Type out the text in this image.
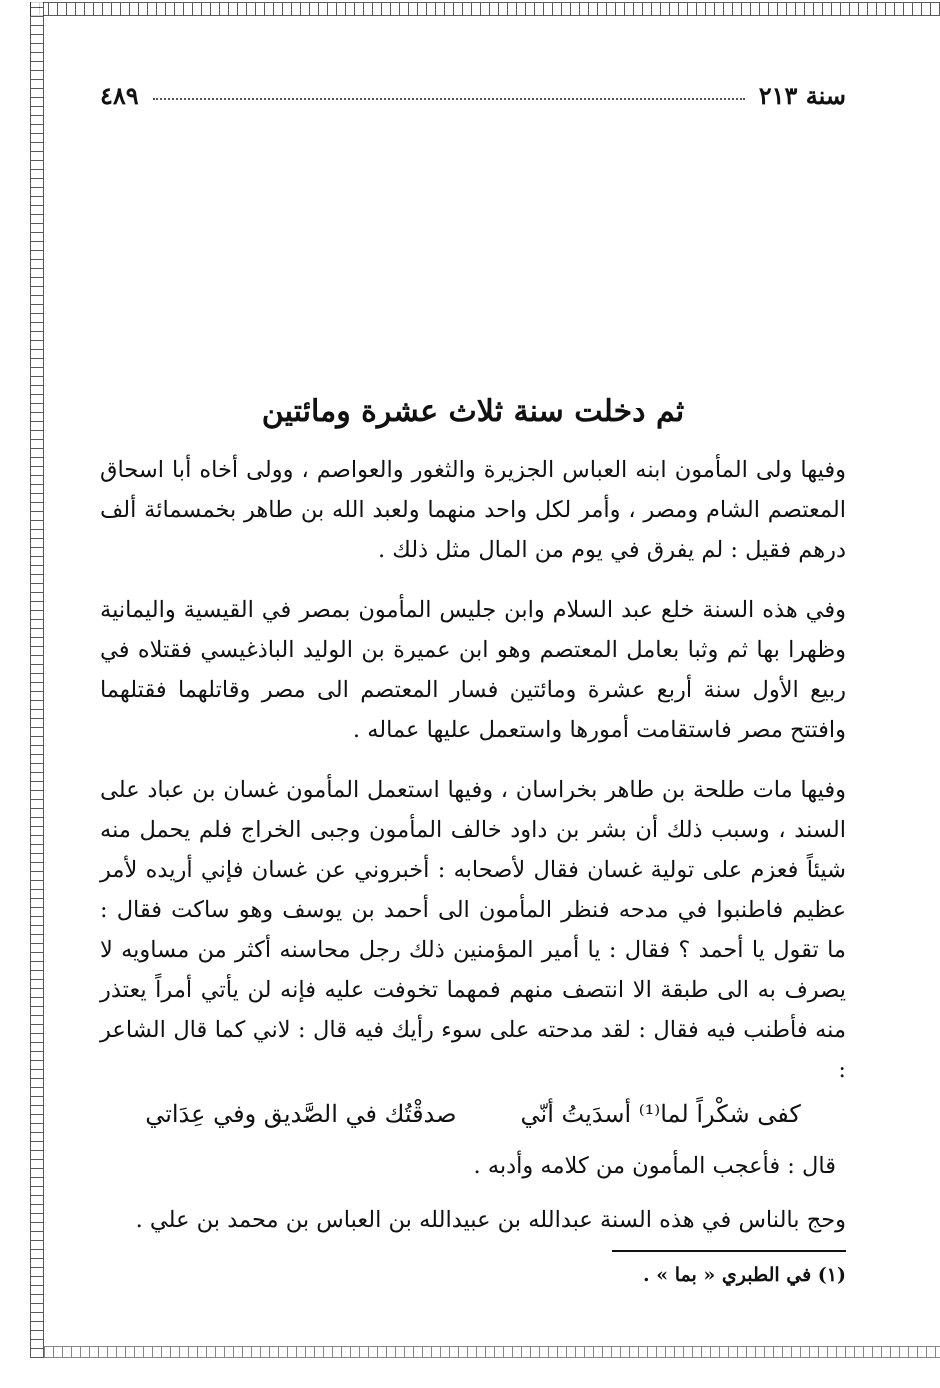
سنة ٢١٣
٤٨٩
ثم دخلت سنة ثلاث عشرة ومائتين

وفيها ولى المأمون ابنه العباس الجزيرة والثغور والعواصم ، وولى أخاه أبا اسحاق المعتصم الشام ومصر ، وأمر لكل واحد منهما ولعبد الله بن طاهر بخمسمائة ألف درهم فقيل : لم يفرق في يوم من المال مثل ذلك .

وفي هذه السنة خلع عبد السلام وابن جليس المأمون بمصر في القيسية واليمانية وظهرا بها ثم وثبا بعامل المعتصم وهو ابن عميرة بن الوليد الباذغيسي فقتلاه في ربيع الأول سنة أربع عشرة ومائتين فسار المعتصم الى مصر وقاتلهما فقتلهما وافتتح مصر فاستقامت أمورها واستعمل عليها عماله .

وفيها مات طلحة بن طاهر بخراسان ، وفيها استعمل المأمون غسان بن عباد على السند ، وسبب ذلك أن بشر بن داود خالف المأمون وجبى الخراج فلم يحمل منه شيئاً فعزم على تولية غسان فقال لأصحابه : أخبروني عن غسان فإني أريده لأمر عظيم فاطنبوا في مدحه فنظر المأمون الى أحمد بن يوسف وهو ساكت فقال : ما تقول يا أحمد ؟ فقال : يا أمير المؤمنين ذلك رجل محاسنه أكثر من مساويه لا يصرف به الى طبقة الا انتصف منهم فمهما تخوفت عليه فإنه لن يأتي أمراً يعتذر منه فأطنب فيه فقال : لقد مدحته على سوء رأيك فيه قال : لاني كما قال الشاعر :

كفى شكْراً لما⁽¹⁾ أسدَيتُ أنّي
صدقْتُك في الصَّديق وفي عِدَاتي
قال : فأعجب المأمون من كلامه وأدبه .
وحج بالناس في هذه السنة عبدالله بن عبيدالله بن العباس بن محمد بن علي .
(١) في الطبري « بما » .
